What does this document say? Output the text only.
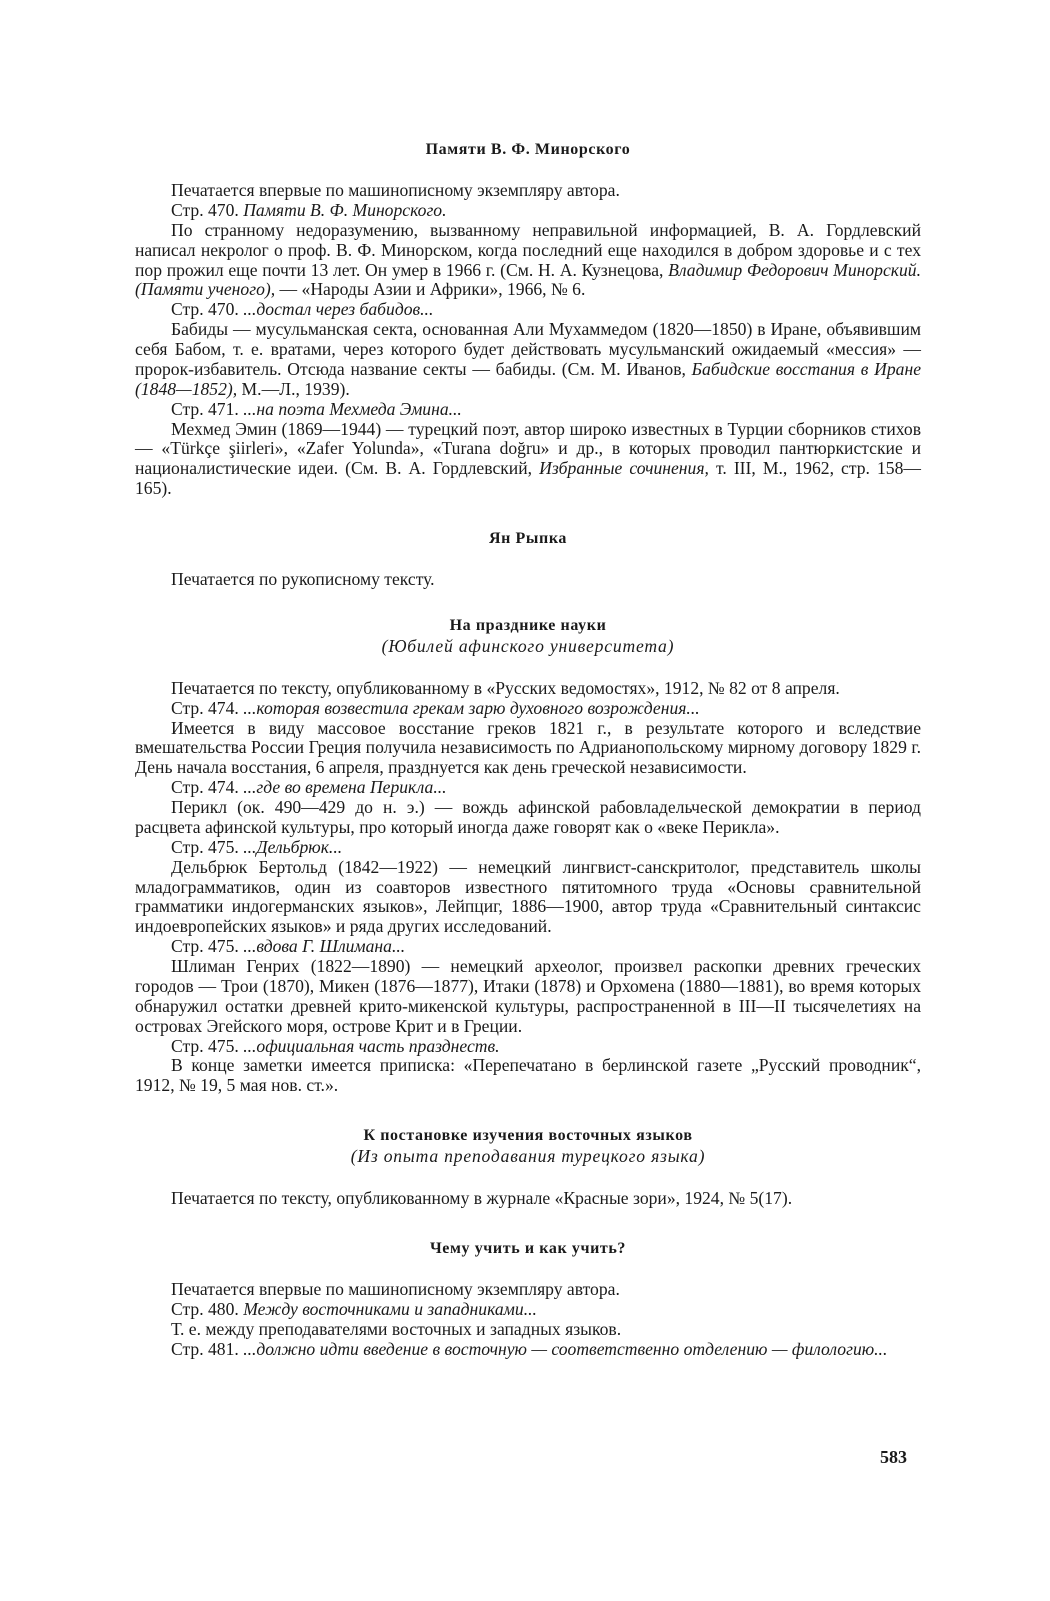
Памяти В. Ф. Минорского

Печатается впервые по машинописному экземпляру автора.

Стр. 470. Памяти В. Ф. Минорского.

По странному недоразумению, вызванному неправильной информацией, В. А. Гордлевский написал некролог о проф. В. Ф. Минорском, когда последний еще находился в добром здоровье и с тех пор прожил еще почти 13 лет. Он умер в 1966 г. (См. Н. А. Кузнецова, Владимир Федорович Минорский. (Памяти ученого), — «Народы Азии и Африки», 1966, № 6.

Стр. 470. ...достал через бабидов...

Бабиды — мусульманская секта, основанная Али Мухаммедом (1820—1850) в Иране, объявившим себя Бабом, т. е. вратами, через которого будет действовать мусульманский ожидаемый «мессия» — пророк-избавитель. Отсюда название секты — бабиды. (См. М. Иванов, Бабидские восстания в Иране (1848—1852), М.—Л., 1939).

Стр. 471. ...на поэта Мехмеда Эмина...

Мехмед Эмин (1869—1944) — турецкий поэт, автор широко известных в Турции сборников стихов — «Türkçe şiirleri», «Zafer Yolunda», «Turana doğru» и др., в которых проводил пантюркистские и националистические идеи. (См. В. А. Гордлевский, Избранные сочинения, т. III, М., 1962, стр. 158—165).

Ян Рыпка

Печатается по рукописному тексту.

На празднике науки
(Юбилей афинского университета)

Печатается по тексту, опубликованному в «Русских ведомостях», 1912, № 82 от 8 апреля.

Стр. 474. ...которая возвестила грекам зарю духовного возрождения...

Имеется в виду массовое восстание греков 1821 г., в результате которого и вследствие вмешательства России Греция получила независимость по Адрианопольскому мирному договору 1829 г. День начала восстания, 6 апреля, празднуется как день греческой независимости.

Стр. 474. ...где во времена Перикла...

Перикл (ок. 490—429 до н. э.) — вождь афинской рабовладельческой демократии в период расцвета афинской культуры, про который иногда даже говорят как о «веке Перикла».

Стр. 475. ...Дельбрюк...

Дельбрюк Бертольд (1842—1922) — немецкий лингвист-санскритолог, представитель школы младограмматиков, один из соавторов известного пятитомного труда «Основы сравнительной грамматики индогерманских языков», Лейпциг, 1886—1900, автор труда «Сравнительный синтаксис индоевропейских языков» и ряда других исследований.

Стр. 475. ...вдова Г. Шлимана...

Шлиман Генрих (1822—1890) — немецкий археолог, произвел раскопки древних греческих городов — Трои (1870), Микен (1876—1877), Итаки (1878) и Орхомена (1880—1881), во время которых обнаружил остатки древней крито-микенской культуры, распространенной в III—II тысячелетиях на островах Эгейского моря, острове Крит и в Греции.

Стр. 475. ...официальная часть празднеств.

В конце заметки имеется приписка: «Перепечатано в берлинской газете „Русский проводник“, 1912, № 19, 5 мая нов. ст.».

К постановке изучения восточных языков
(Из опыта преподавания турецкого языка)

Печатается по тексту, опубликованному в журнале «Красные зори», 1924, № 5(17).

Чему учить и как учить?

Печатается впервые по машинописному экземпляру автора.

Стр. 480. Между восточниками и западниками...

Т. е. между преподавателями восточных и западных языков.

Стр. 481. ...должно идти введение в восточную — соответственно отделению — филологию...

583
